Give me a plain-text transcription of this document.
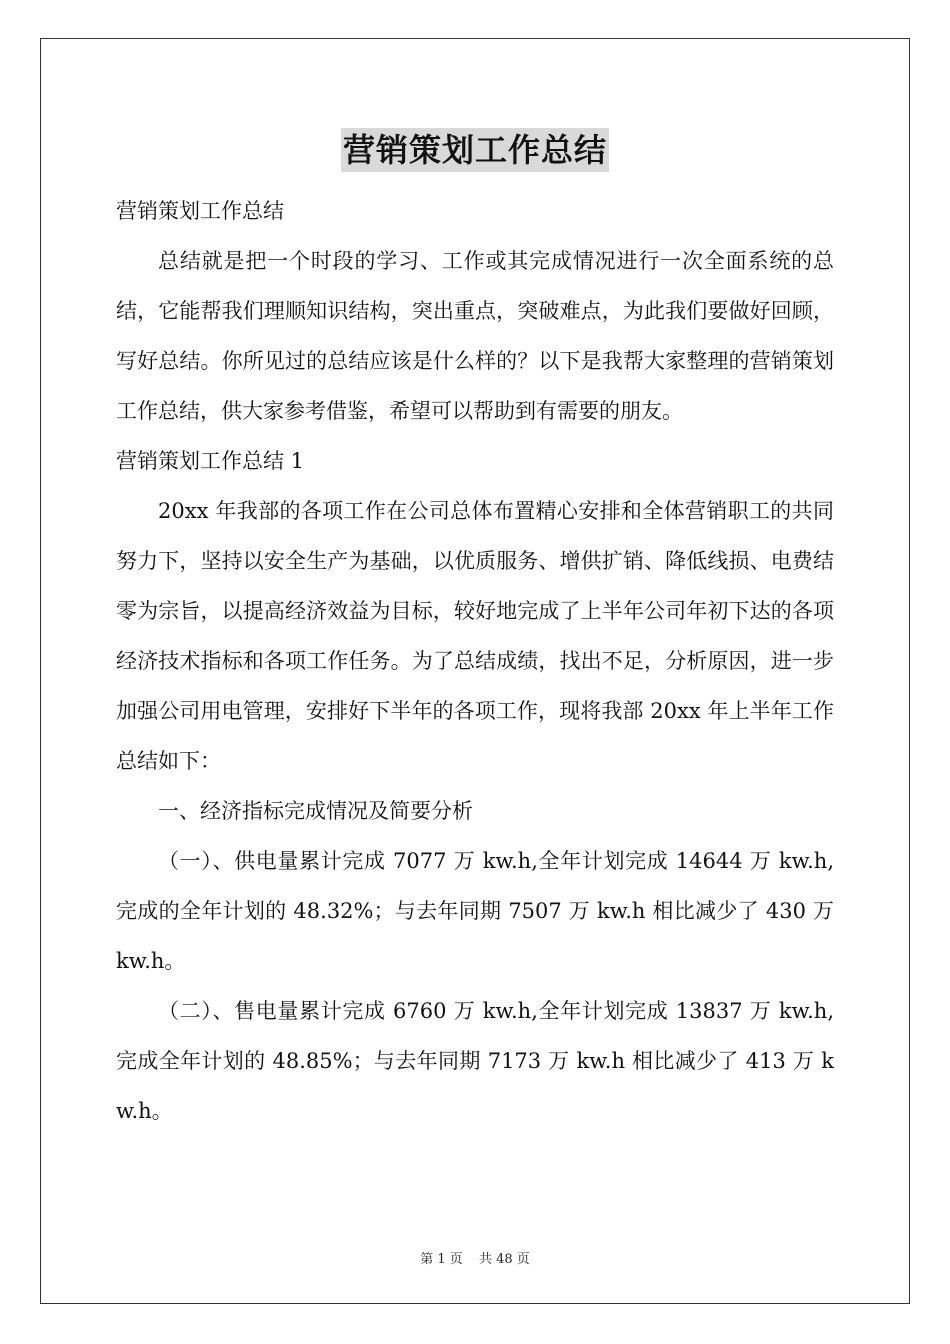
营销策划工作总结

营销策划工作总结

总结就是把一个时段的学习、工作或其完成情况进行一次全面系统的总结，它能帮我们理顺知识结构，突出重点，突破难点，为此我们要做好回顾，写好总结。你所见过的总结应该是什么样的？以下是我帮大家整理的营销策划工作总结，供大家参考借鉴，希望可以帮助到有需要的朋友。

营销策划工作总结 1

20xx 年我部的各项工作在公司总体布置精心安排和全体营销职工的共同努力下，坚持以安全生产为基础，以优质服务、增供扩销、降低线损、电费结零为宗旨，以提高经济效益为目标，较好地完成了上半年公司年初下达的各项经济技术指标和各项工作任务。为了总结成绩，找出不足，分析原因，进一步加强公司用电管理，安排好下半年的各项工作，现将我部 20xx 年上半年工作总结如下：

一、经济指标完成情况及简要分析

（一）、供电量累计完成 7077 万 kw.h,全年计划完成 14644 万 kw.h,完成的全年计划的 48.32%；与去年同期 7507 万 kw.h 相比减少了 430 万 kw.h。

（二）、售电量累计完成 6760 万 kw.h,全年计划完成 13837 万 kw.h,完成全年计划的 48.85%；与去年同期 7173 万 kw.h 相比减少了 413 万 kw.h。

第 1 页 共 48 页
